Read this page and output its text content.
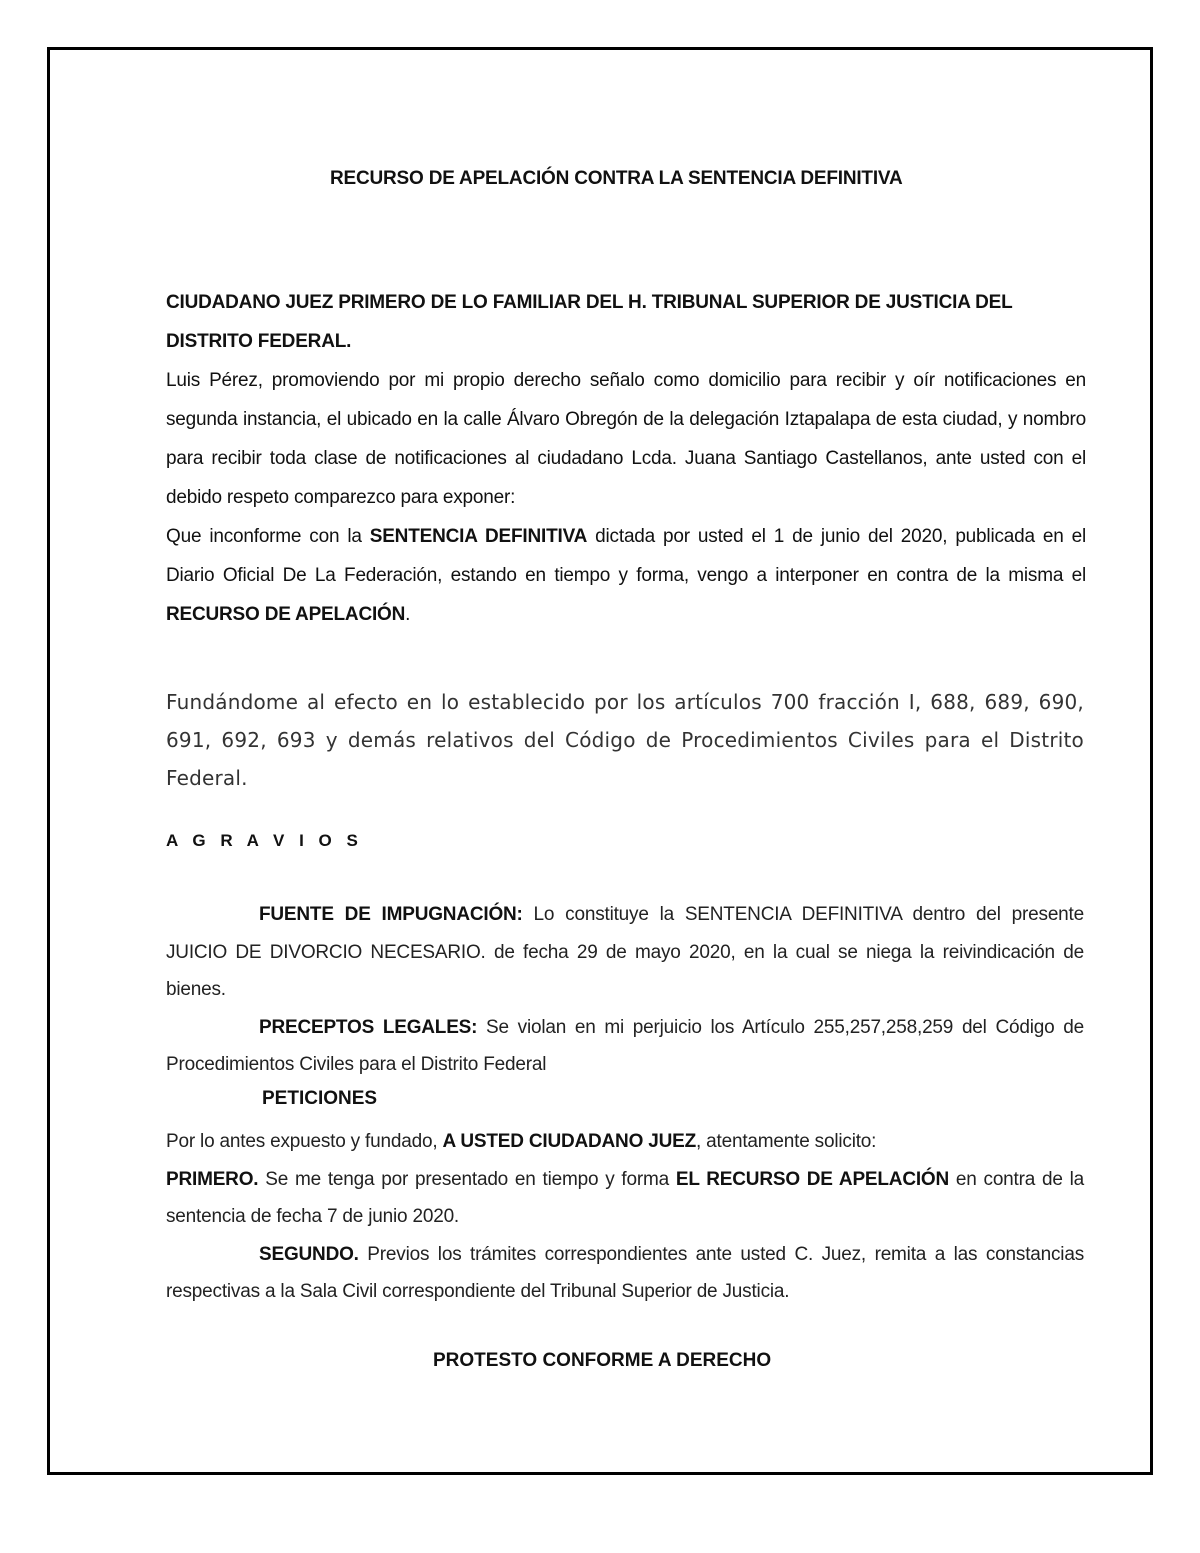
RECURSO DE APELACIÓN CONTRA LA SENTENCIA DEFINITIVA
CIUDADANO JUEZ PRIMERO DE LO FAMILIAR DEL H. TRIBUNAL SUPERIOR DE JUSTICIA DEL DISTRITO FEDERAL.

Luis Pérez, promoviendo por mi propio derecho señalo como domicilio para recibir y oír notificaciones en segunda instancia, el ubicado en la calle Álvaro Obregón de la delegación Iztapalapa de esta ciudad, y nombro para recibir toda clase de notificaciones al ciudadano Lcda. Juana Santiago Castellanos, ante usted con el debido respeto comparezco para exponer:

Que inconforme con la SENTENCIA DEFINITIVA dictada por usted el 1 de junio del 2020, publicada en el Diario Oficial De La Federación, estando en tiempo y forma, vengo a interponer en contra de la misma el RECURSO DE APELACIÓN.

Fundándome al efecto en lo establecido por los artículos 700 fracción I, 688, 689, 690, 691, 692, 693 y demás relativos del Código de Procedimientos Civiles para el Distrito Federal.

A G R A V I O S

FUENTE DE IMPUGNACIÓN: Lo constituye la SENTENCIA DEFINITIVA dentro del presente JUICIO DE DIVORCIO NECESARIO. de fecha 29 de mayo 2020, en la cual se niega la reivindicación de bienes.

PRECEPTOS LEGALES: Se violan en mi perjuicio los Artículo 255,257,258,259 del Código de Procedimientos Civiles para el Distrito Federal

PETICIONES

Por lo antes expuesto y fundado, A USTED CIUDADANO JUEZ, atentamente solicito:

PRIMERO. Se me tenga por presentado en tiempo y forma EL RECURSO DE APELACIÓN en contra de la sentencia de fecha 7 de junio 2020.

SEGUNDO. Previos los trámites correspondientes ante usted C. Juez, remita a las constancias respectivas a la Sala Civil correspondiente del Tribunal Superior de Justicia.

PROTESTO CONFORME A DERECHO
